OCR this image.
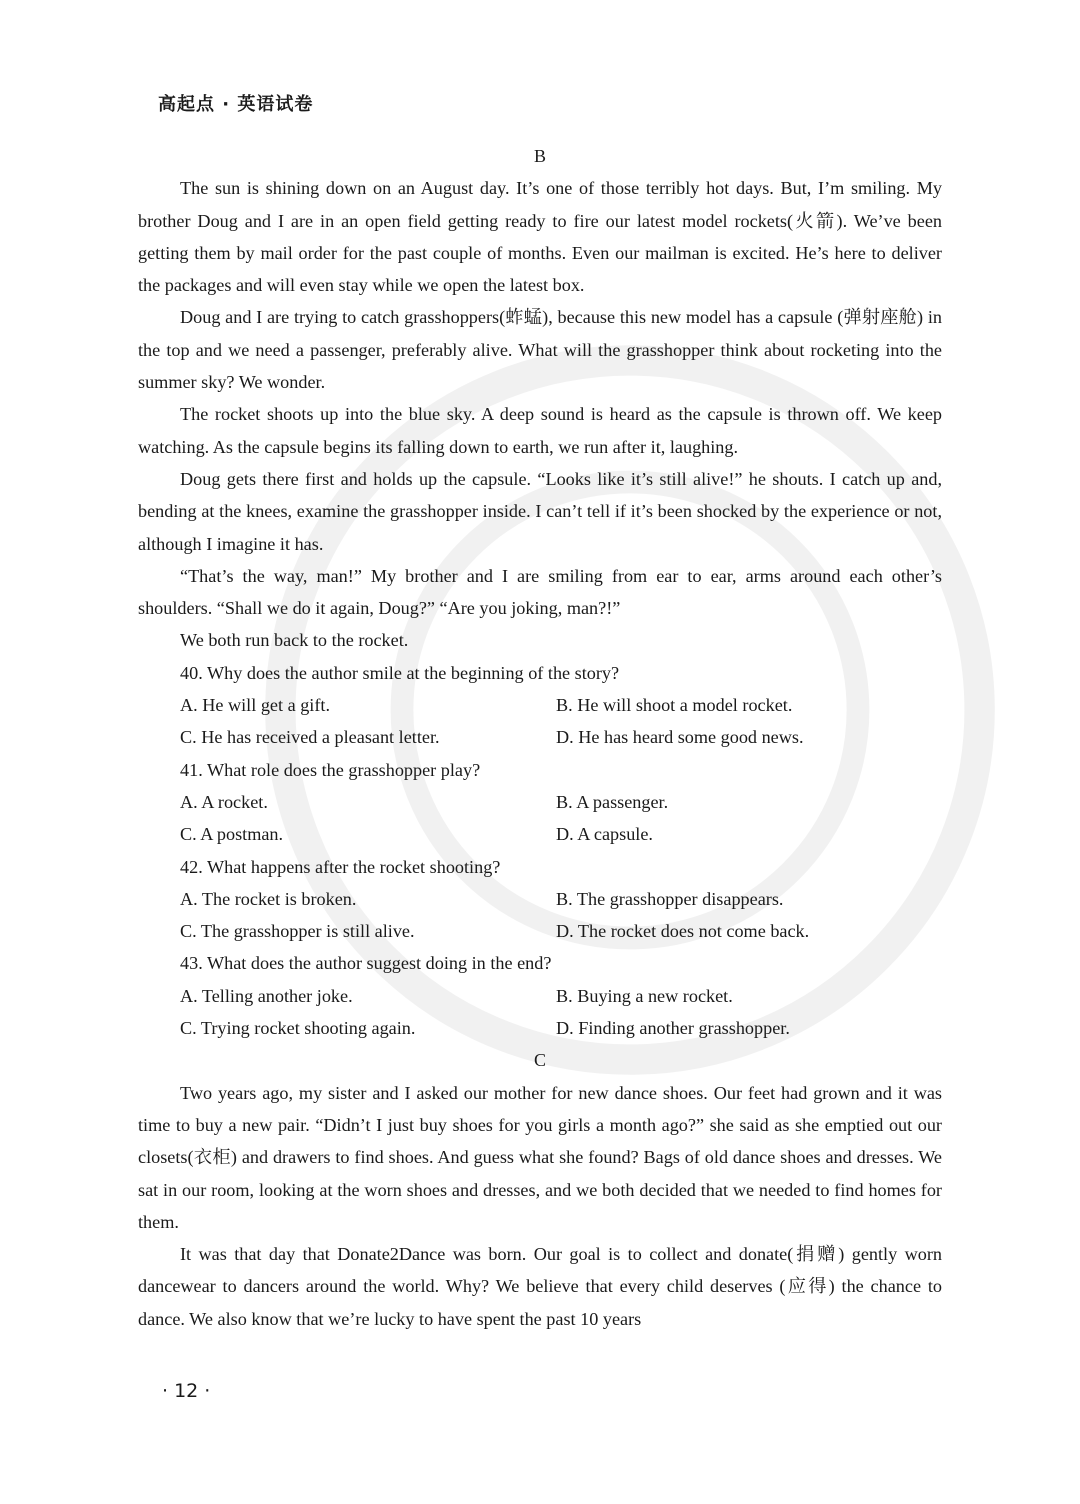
高起点 · 英语试卷
B

The sun is shining down on an August day. It’s one of those terribly hot days. But, I’m smiling. My brother Doug and I are in an open field getting ready to fire our latest model rockets(火箭). We’ve been getting them by mail order for the past couple of months. Even our mailman is excited. He’s here to deliver the packages and will even stay while we open the latest box.

Doug and I are trying to catch grasshoppers(蚱蜢), because this new model has a capsule (弹射座舱) in the top and we need a passenger, preferably alive. What will the grasshopper think about rocketing into the summer sky? We wonder.

The rocket shoots up into the blue sky. A deep sound is heard as the capsule is thrown off. We keep watching. As the capsule begins its falling down to earth, we run after it, laughing.

Doug gets there first and holds up the capsule. “Looks like it’s still alive!” he shouts. I catch up and, bending at the knees, examine the grasshopper inside. I can’t tell if it’s been shocked by the experience or not, although I imagine it has.

“That’s the way, man!” My brother and I are smiling from ear to ear, arms around each other’s shoulders. “Shall we do it again, Doug?” “Are you joking, man?!”

We both run back to the rocket.

40. Why does the author smile at the beginning of the story?

A. He will get a gift.	B. He will shoot a model rocket.
C. He has received a pleasant letter.	D. He has heard some good news.

41. What role does the grasshopper play?

A. A rocket.	B. A passenger.
C. A postman.	D. A capsule.

42. What happens after the rocket shooting?

A. The rocket is broken.	B. The grasshopper disappears.
C. The grasshopper is still alive.	D. The rocket does not come back.

43. What does the author suggest doing in the end?

A. Telling another joke.	B. Buying a new rocket.
C. Trying rocket shooting again.	D. Finding another grasshopper.
C

Two years ago, my sister and I asked our mother for new dance shoes. Our feet had grown and it was time to buy a new pair. “Didn’t I just buy shoes for you girls a month ago?” she said as she emptied out our closets(衣柜) and drawers to find shoes. And guess what she found? Bags of old dance shoes and dresses. We sat in our room, looking at the worn shoes and dresses, and we both decided that we needed to find homes for them.

It was that day that Donate2Dance was born. Our goal is to collect and donate(捐赠) gently worn dancewear to dancers around the world. Why? We believe that every child deserves (应得) the chance to dance. We also know that we’re lucky to have spent the past 10 years

· 12 ·
